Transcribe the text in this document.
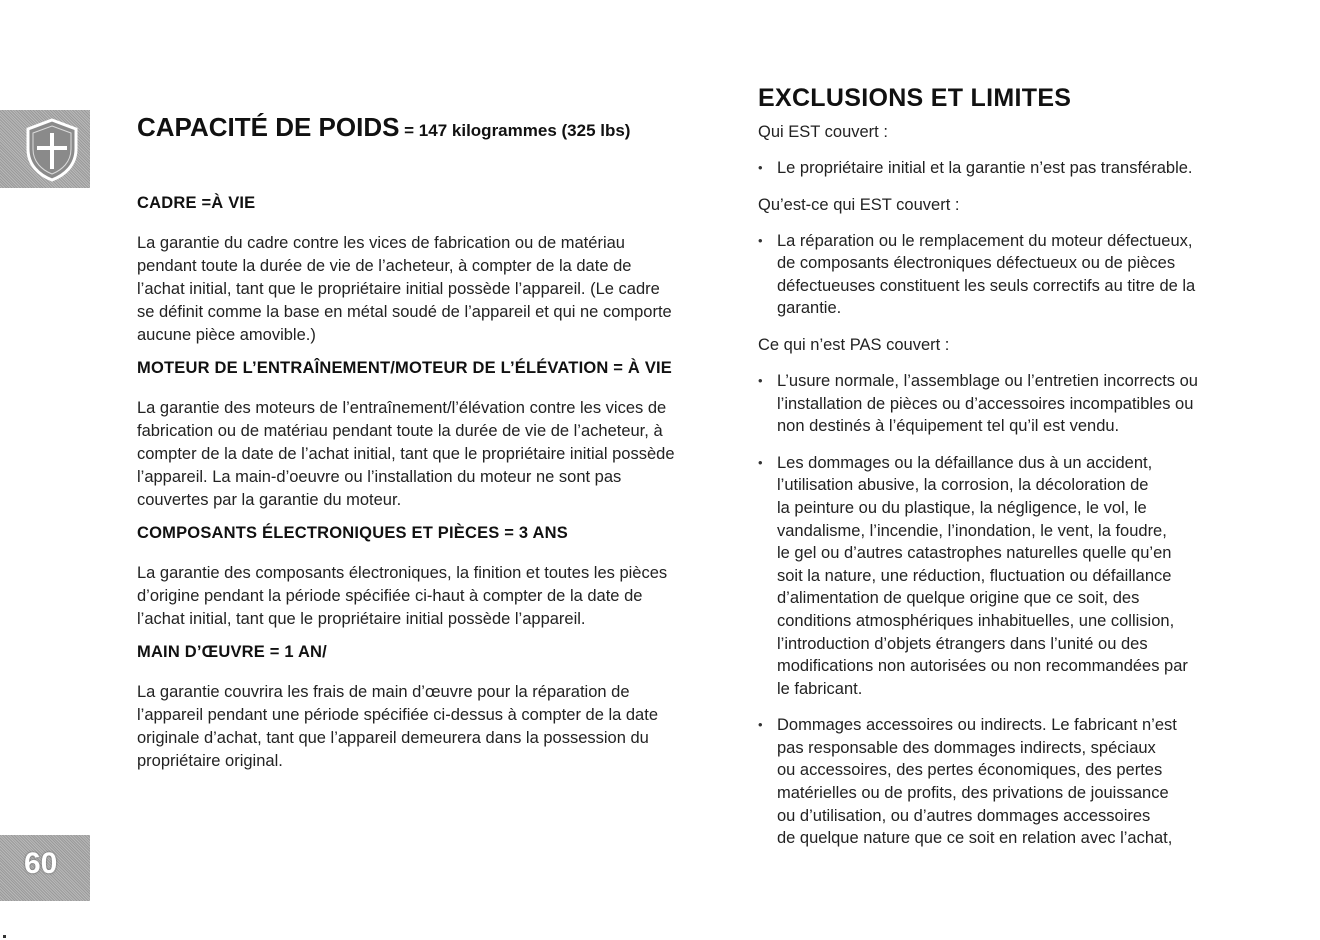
60
CAPACITÉ DE POIDS = 147 kilogrammes (325 lbs)
CADRE =À VIE

La garantie du cadre contre les vices de fabrication ou de matériau
pendant toute la durée de vie de l’acheteur, à compter de la date de
l’achat initial, tant que le propriétaire initial possède l’appareil. (Le cadre
se définit comme la base en métal soudé de l’appareil et qui ne comporte
aucune pièce amovible.)

MOTEUR DE L’ENTRAÎNEMENT/MOTEUR DE L’ÉLÉVATION = À VIE

La garantie des moteurs de l’entraînement/l’élévation contre les vices de
fabrication ou de matériau pendant toute la durée de vie de l’acheteur, à
compter de la date de l’achat initial, tant que le propriétaire initial possède
l’appareil. La main-d’oeuvre ou l’installation du moteur ne sont pas
couvertes par la garantie du moteur.

COMPOSANTS ÉLECTRONIQUES ET PIÈCES = 3 ANS

La garantie des composants électroniques, la finition et toutes les pièces
d’origine pendant la période spécifiée ci-haut à compter de la date de
l’achat initial, tant que le propriétaire initial possède l’appareil.

MAIN D’ŒUVRE = 1 AN/

La garantie couvrira les frais de main d’œuvre pour la réparation de
l’appareil pendant une période spécifiée ci-dessus à compter de la date
originale d’achat, tant que l’appareil demeurera dans la possession du
propriétaire original.

EXCLUSIONS ET LIMITES

Qui EST couvert :

• Le propriétaire initial et la garantie n’est pas transférable.

Qu’est-ce qui EST couvert :

• La réparation ou le remplacement du moteur défectueux,
de composants électroniques défectueux ou de pièces
défectueuses constituent les seuls correctifs au titre de la
garantie.

Ce qui n’est PAS couvert :

• L’usure normale, l’assemblage ou l’entretien incorrects ou
l’installation de pièces ou d’accessoires incompatibles ou
non destinés à l’équipement tel qu’il est vendu.
• Les dommages ou la défaillance dus à un accident,
l’utilisation abusive, la corrosion, la décoloration de
la peinture ou du plastique, la négligence, le vol, le
vandalisme, l’incendie, l’inondation, le vent, la foudre,
le gel ou d’autres catastrophes naturelles quelle qu’en
soit la nature, une réduction, fluctuation ou défaillance
d’alimentation de quelque origine que ce soit, des
conditions atmosphériques inhabituelles, une collision,
l’introduction d’objets étrangers dans l’unité ou des
modifications non autorisées ou non recommandées par
le fabricant.
• Dommages accessoires ou indirects. Le fabricant n’est
pas responsable des dommages indirects, spéciaux
ou accessoires, des pertes économiques, des pertes
matérielles ou de profits, des privations de jouissance
ou d’utilisation, ou d’autres dommages accessoires
de quelque nature que ce soit en relation avec l’achat,
